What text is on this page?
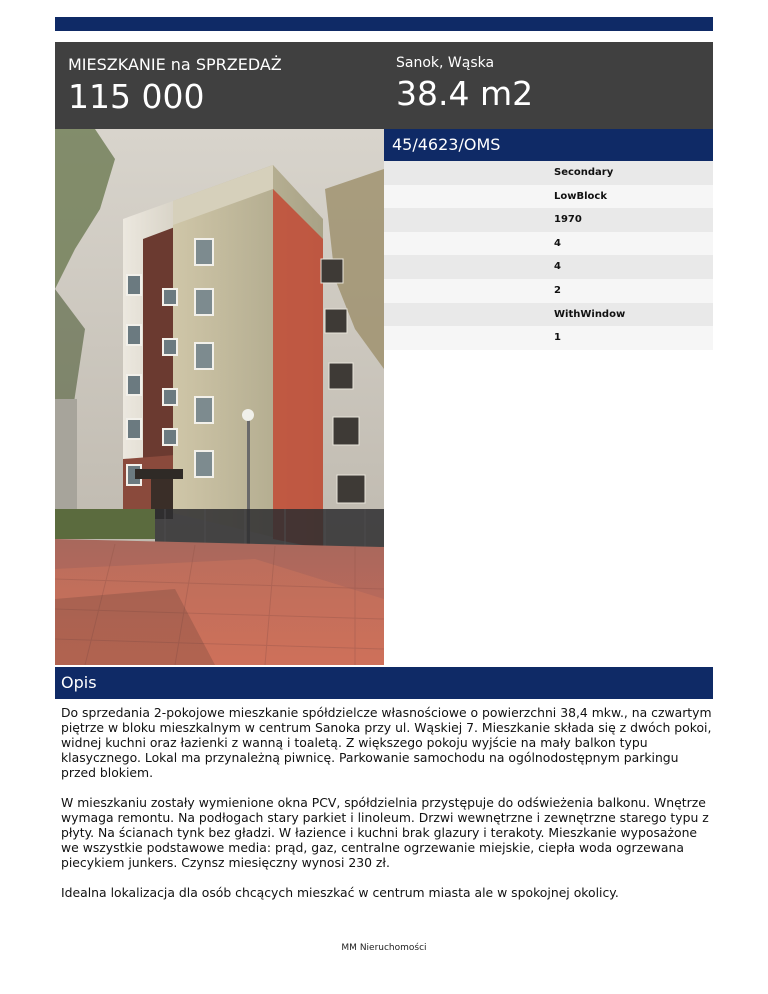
MIESZKANIE na SPRZEDAŻ
115 000
Sanok, Wąska
38.4 m2
45/4623/OMS
Secondary
LowBlock
1970
4
4
2
WithWindow
1
Opis

Do sprzedania 2-pokojowe mieszkanie spółdzielcze własnościowe o powierzchni 38,4 mkw., na czwartym piętrze w bloku mieszkalnym w centrum Sanoka przy ul. Wąskiej 7. Mieszkanie składa się z dwóch pokoi, widnej kuchni oraz łazienki z wanną i toaletą. Z większego pokoju wyjście na mały balkon typu klasycznego. Lokal ma przynależną piwnicę. Parkowanie samochodu na ogólnodostępnym parkingu przed blokiem.

W mieszkaniu zostały wymienione okna PCV, spółdzielnia przystępuje do odświeżenia balkonu. Wnętrze wymaga remontu. Na podłogach stary parkiet i linoleum. Drzwi wewnętrzne i zewnętrzne starego typu z płyty. Na ścianach tynk bez gładzi. W łazience i kuchni brak glazury i terakoty. Mieszkanie wyposażone we wszystkie podstawowe media: prąd, gaz, centralne ogrzewanie miejskie, ciepła woda ogrzewana piecykiem junkers. Czynsz miesięczny wynosi 230 zł.

Idealna lokalizacja dla osób chcących mieszkać w centrum miasta ale w spokojnej okolicy.

MM Nieruchomości
